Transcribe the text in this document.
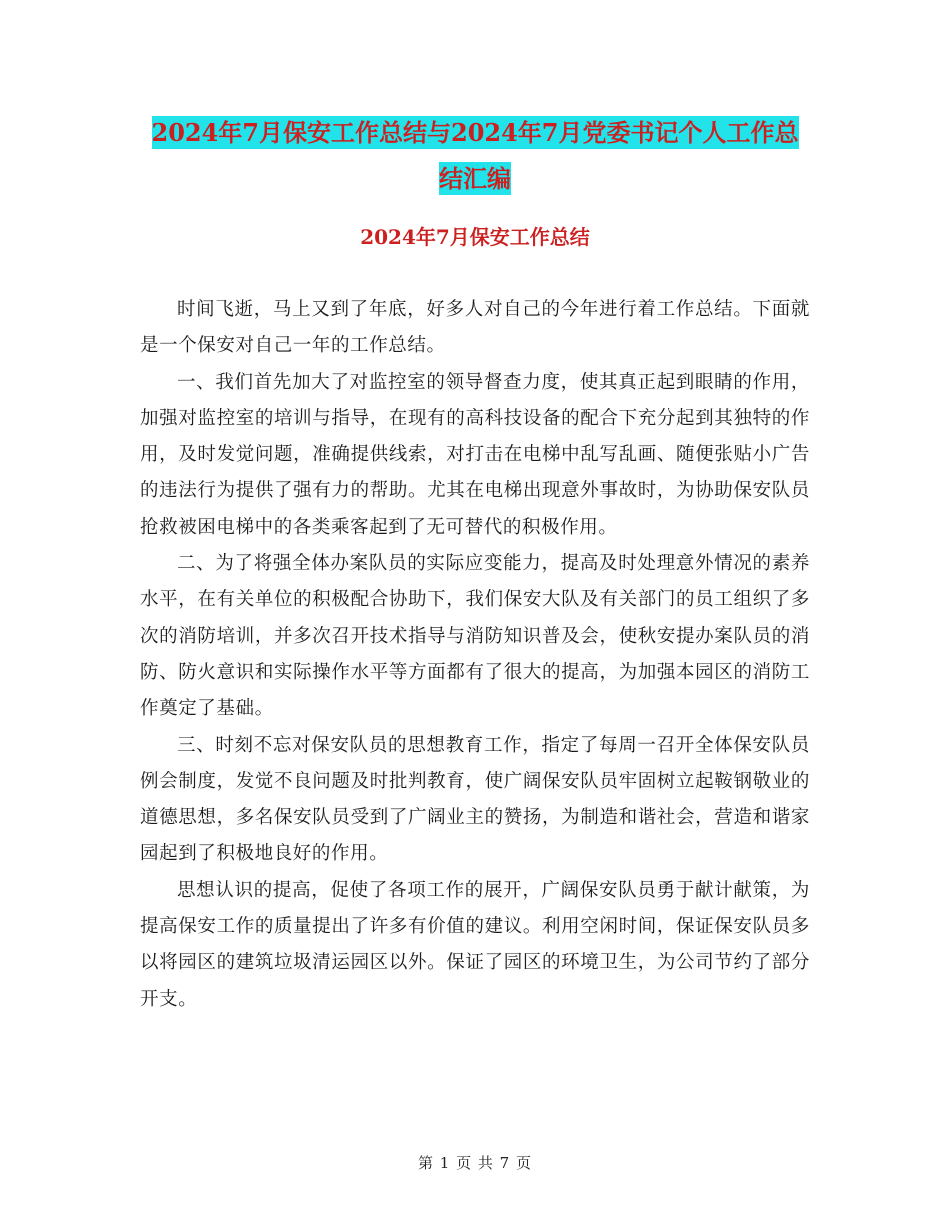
2024年7月保安工作总结与2024年7月党委书记个人工作总结汇编
2024年7月保安工作总结

时间飞逝，马上又到了年底，好多人对自己的今年进行着工作总结。下面就是一个保安对自己一年的工作总结。

一、我们首先加大了对监控室的领导督查力度，使其真正起到眼睛的作用，加强对监控室的培训与指导，在现有的高科技设备的配合下充分起到其独特的作用，及时发觉问题，准确提供线索，对打击在电梯中乱写乱画、随便张贴小广告的违法行为提供了强有力的帮助。尤其在电梯出现意外事故时，为协助保安队员抢救被困电梯中的各类乘客起到了无可替代的积极作用。

二、为了将强全体办案队员的实际应变能力，提高及时处理意外情况的素养水平，在有关单位的积极配合协助下，我们保安大队及有关部门的员工组织了多次的消防培训，并多次召开技术指导与消防知识普及会，使秋安提办案队员的消防、防火意识和实际操作水平等方面都有了很大的提高，为加强本园区的消防工作奠定了基础。

三、时刻不忘对保安队员的思想教育工作，指定了每周一召开全体保安队员例会制度，发觉不良问题及时批判教育，使广阔保安队员牢固树立起鞍钢敬业的道德思想，多名保安队员受到了广阔业主的赞扬，为制造和谐社会，营造和谐家园起到了积极地良好的作用。

思想认识的提高，促使了各项工作的展开，广阔保安队员勇于献计献策，为提高保安工作的质量提出了许多有价值的建议。利用空闲时间，保证保安队员多以将园区的建筑垃圾清运园区以外。保证了园区的环境卫生，为公司节约了部分开支。

第 1 页 共 7 页
